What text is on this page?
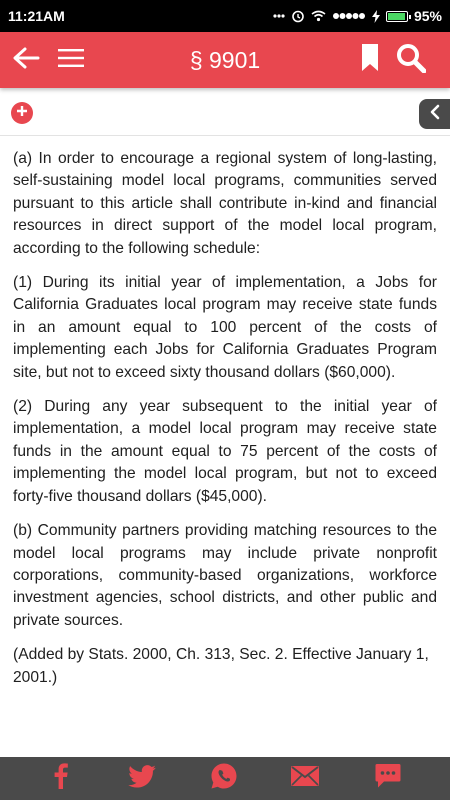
11:21AM	95%
§ 9901

(a) In order to encourage a regional system of long-lasting, self-sustaining model local programs, communities served pursuant to this article shall contribute in-kind and financial resources in direct support of the model local program, according to the following schedule:

(1) During its initial year of implementation, a Jobs for California Graduates local program may receive state funds in an amount equal to 100 percent of the costs of implementing each Jobs for California Graduates Program site, but not to exceed sixty thousand dollars ($60,000).

(2) During any year subsequent to the initial year of implementation, a model local program may receive state funds in the amount equal to 75 percent of the costs of implementing the model local program, but not to exceed forty-five thousand dollars ($45,000).

(b) Community partners providing matching resources to the model local programs may include private nonprofit corporations, community-based organizations, workforce investment agencies, school districts, and other public and private sources.

(Added by Stats. 2000, Ch. 313, Sec. 2. Effective January 1, 2001.)
